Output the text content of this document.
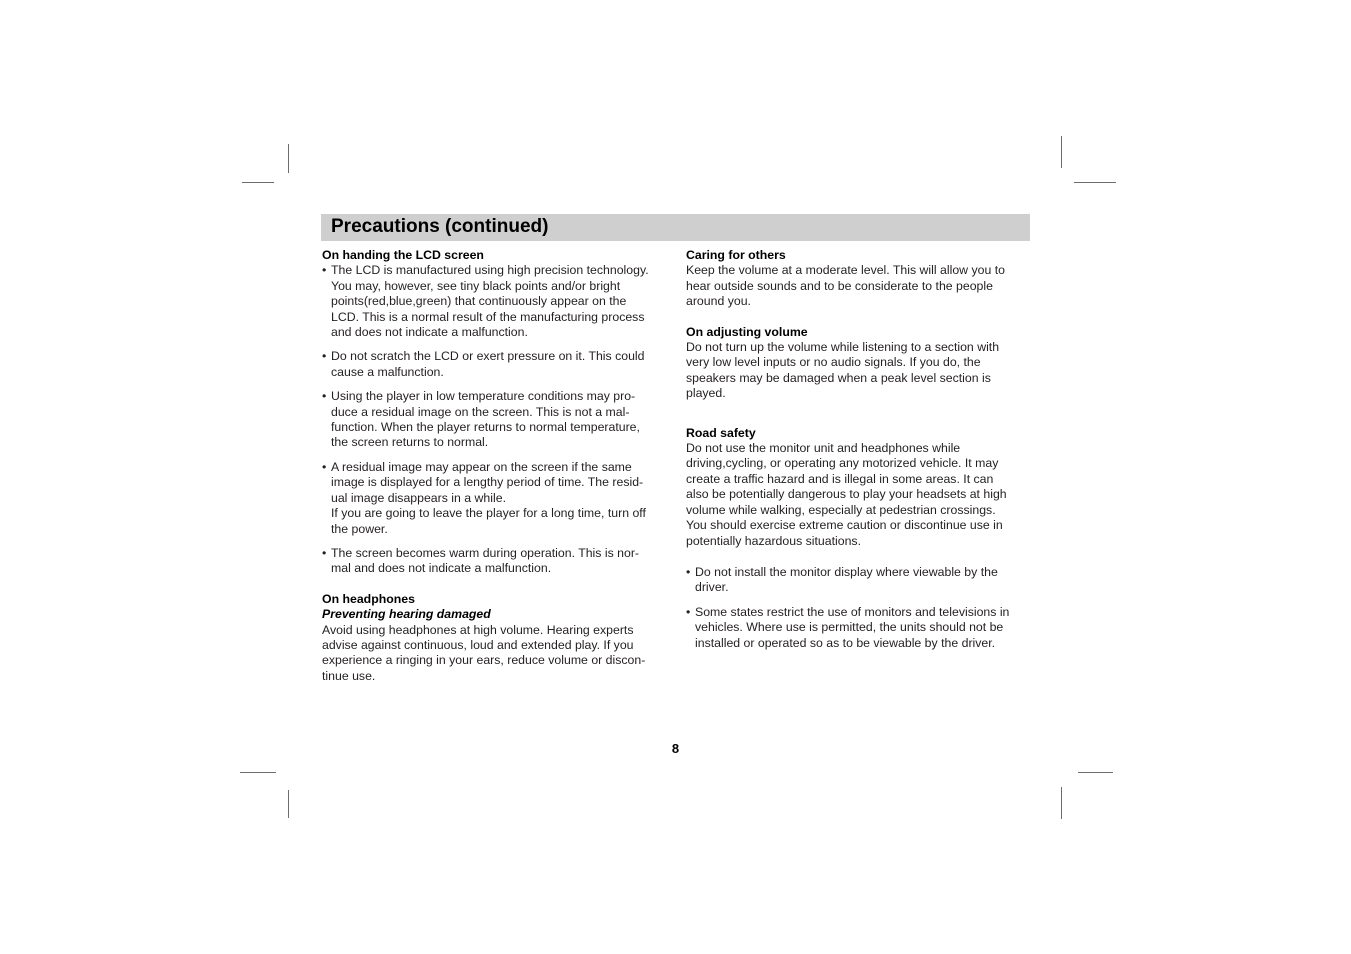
Precautions (continued)
On handing the LCD screen
• The LCD is manufactured using high precision technology.
You may, however, see tiny black points and/or bright
points(red,blue,green) that continuously appear on the
LCD. This is a normal result of the manufacturing process
and does not indicate a malfunction.
• Do not scratch the LCD or exert pressure on it. This could
cause a malfunction.
• Using the player in low temperature conditions may pro-
duce a residual image on the screen. This is not a mal-
function. When the player returns to normal temperature,
the screen returns to normal.
• A residual image may appear on the screen if the same
image is displayed for a lengthy period of time. The resid-
ual image disappears in a while.
If you are going to leave the player for a long time, turn off
the power.
• The screen becomes warm during operation. This is nor-
mal and does not indicate a malfunction.
On headphones
Preventing hearing damaged

Avoid using headphones at high volume. Hearing experts
advise against continuous, loud and extended play. If you
experience a ringing in your ears, reduce volume or discon-
tinue use.

Caring for others

Keep the volume at a moderate level. This will allow you to
hear outside sounds and to be considerate to the people
around you.

On adjusting volume

Do not turn up the volume while listening to a section with
very low level inputs or no audio signals. If you do, the
speakers may be damaged when a peak level section is
played.

Road safety

Do not use the monitor unit and headphones while
driving,cycling, or operating any motorized vehicle. It may
create a traffic hazard and is illegal in some areas. It can
also be potentially dangerous to play your headsets at high
volume while walking, especially at pedestrian crossings.
You should exercise extreme caution or discontinue use in
potentially hazardous situations.

• Do not install the monitor display where viewable by the
driver.
• Some states restrict the use of monitors and televisions in
vehicles. Where use is permitted, the units should not be
installed or operated so as to be viewable by the driver.
8
